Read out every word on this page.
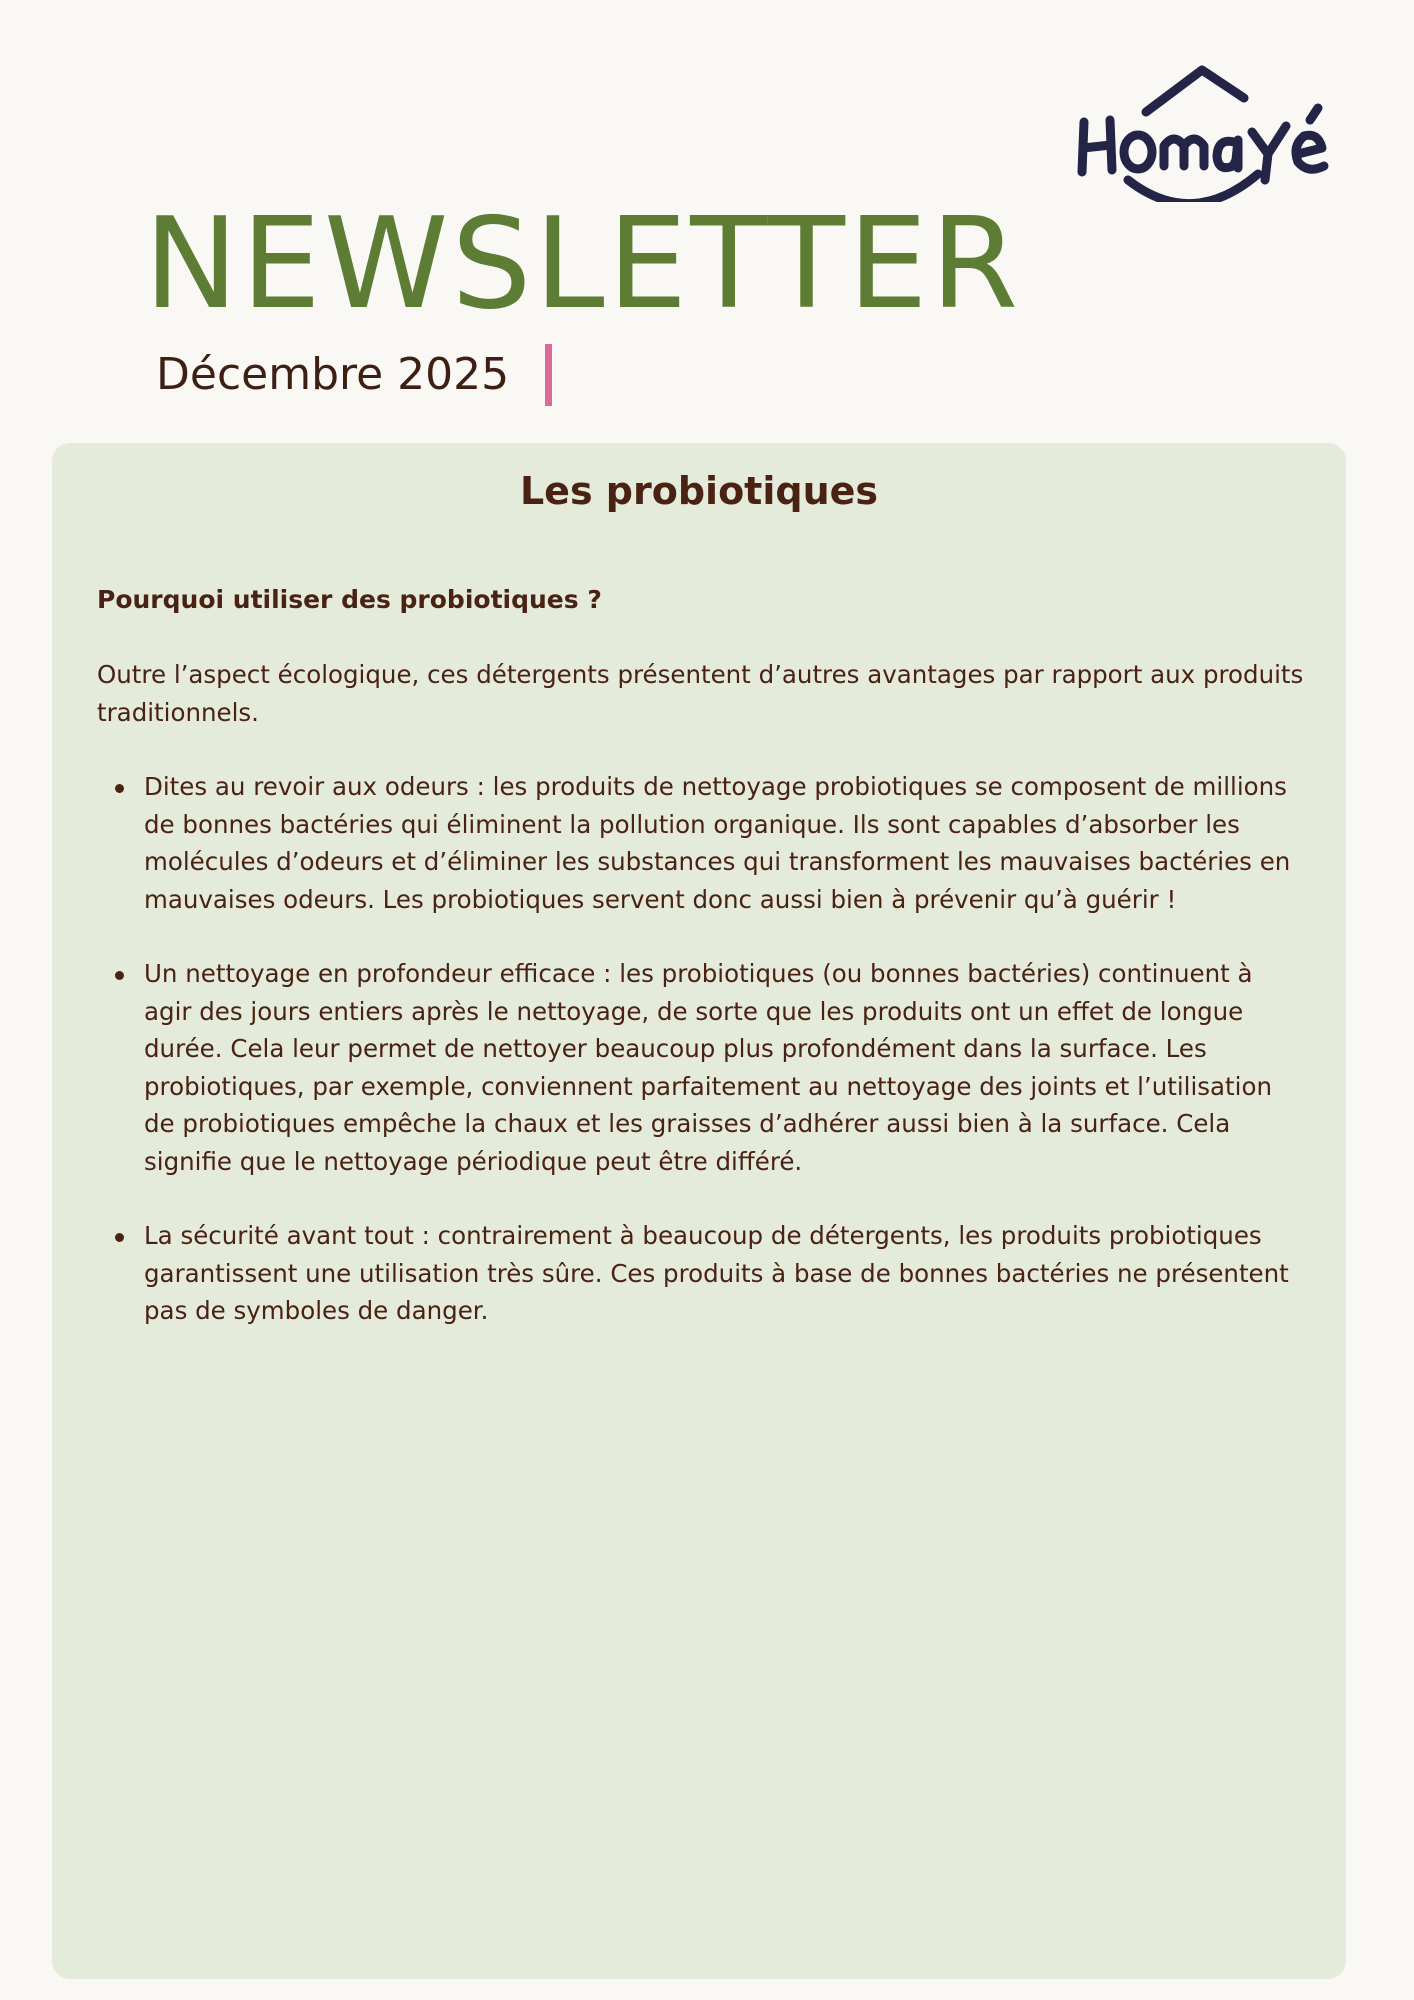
NEWSLETTER
Décembre 2025
Les probiotiques

Pourquoi utiliser des probiotiques ?

Outre l’aspect écologique, ces détergents présentent d’autres avantages par rapport aux produits traditionnels.

Dites au revoir aux odeurs : les produits de nettoyage probiotiques se composent de millions de bonnes bactéries qui éliminent la pollution organique. Ils sont capables d’absorber les molécules d’odeurs et d’éliminer les substances qui transforment les mauvaises bactéries en mauvaises odeurs. Les probiotiques servent donc aussi bien à prévenir qu’à guérir !
Un nettoyage en profondeur efficace : les probiotiques (ou bonnes bactéries) continuent à agir des jours entiers après le nettoyage, de sorte que les produits ont un effet de longue durée. Cela leur permet de nettoyer beaucoup plus profondément dans la surface. Les probiotiques, par exemple, conviennent parfaitement au nettoyage des joints et l’utilisation de probiotiques empêche la chaux et les graisses d’adhérer aussi bien à la surface. Cela signifie que le nettoyage périodique peut être différé.
La sécurité avant tout : contrairement à beaucoup de détergents, les produits probiotiques garantissent une utilisation très sûre. Ces produits à base de bonnes bactéries ne présentent pas de symboles de danger.
